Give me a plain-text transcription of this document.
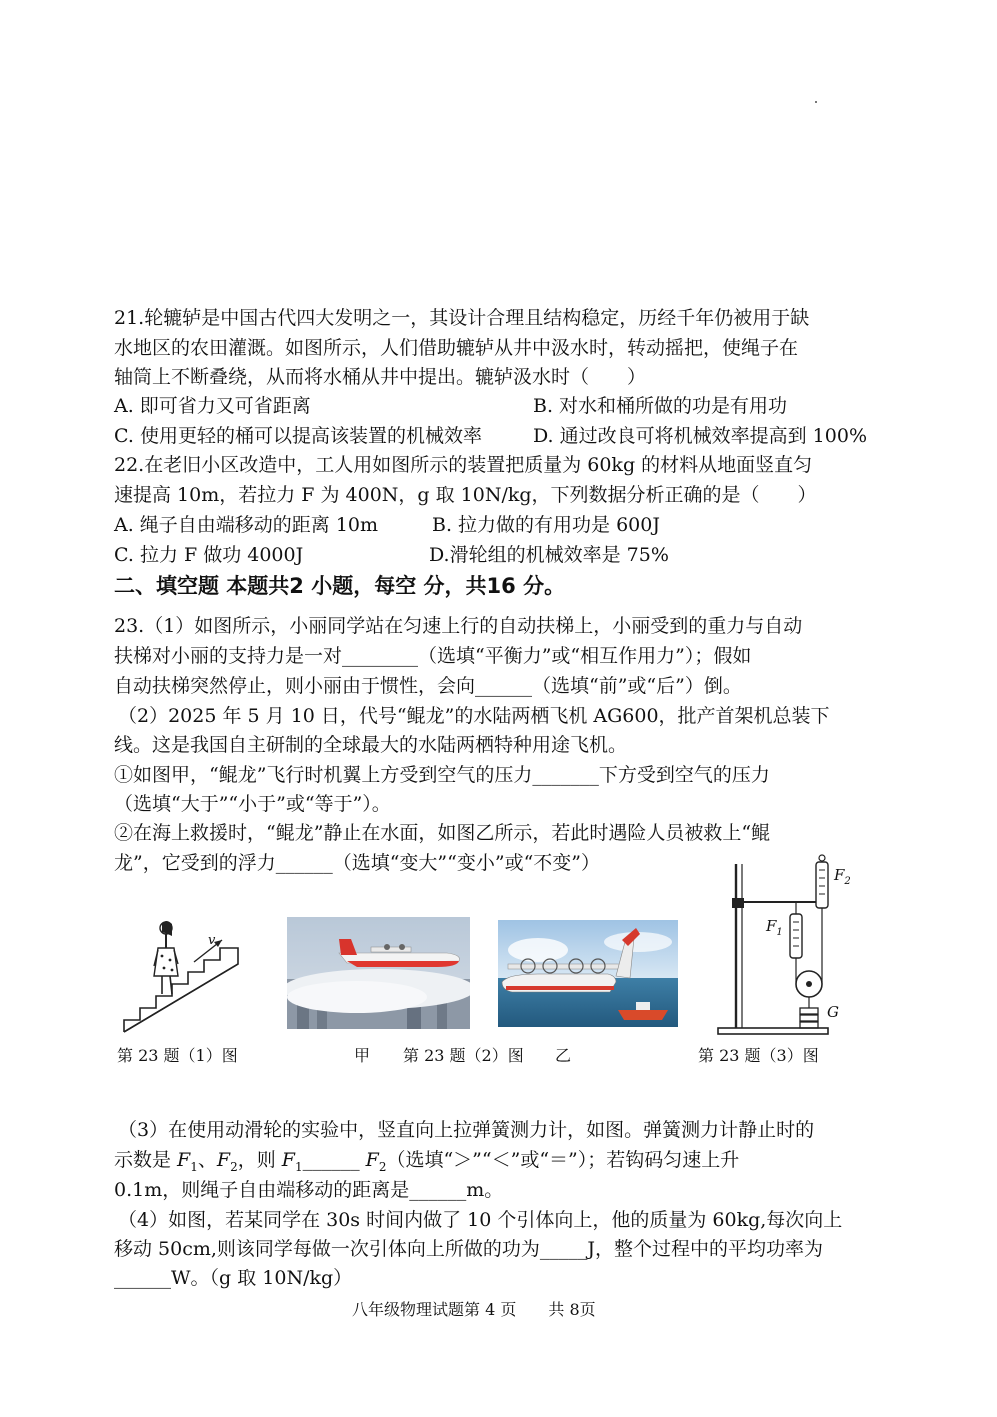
21.轮辘轳是中国古代四大发明之一，其设计合理且结构稳定，历经千年仍被用于缺
水地区的农田灌溉。如图所示，人们借助辘轳从井中汲水时，转动摇把，使绳子在
轴筒上不断叠绕，从而将水桶从井中提出。辘轳汲水时（　　）
A. 即可省力又可省距离	B. 对水和桶所做的功是有用功
C. 使用更轻的桶可以提高该装置的机械效率	D. 通过改良可将机械效率提高到 100%
22.在老旧小区改造中，工人用如图所示的装置把质量为 60kg 的材料从地面竖直匀
速提高 10m，若拉力 F 为 400N，g 取 10N/kg，下列数据分析正确的是（　　）
A. 绳子自由端移动的距离 10m	B. 拉力做的有用功是 600J
C. 拉力 F 做功 4000J	D.滑轮组的机械效率是 75%
二、填空题 本题共2 小题，每空 分，共16 分。
23.（1）如图所示，小丽同学站在匀速上行的自动扶梯上，小丽受到的重力与自动
扶梯对小丽的支持力是一对________（选填“平衡力”或“相互作用力”）；假如
自动扶梯突然停止，则小丽由于惯性，会向______（选填“前”或“后”）倒。
（2）2025 年 5 月 10 日，代号“鲲龙”的水陆两栖飞机 AG600，批产首架机总装下
线。这是我国自主研制的全球最大的水陆两栖特种用途飞机。
①如图甲，“鲲龙”飞行时机翼上方受到空气的压力_______下方受到空气的压力
（选填“大于”“小于”或“等于”）。
②在海上救援时，“鲲龙”静止在水面，如图乙所示，若此时遇险人员被救上“鲲
龙”，它受到的浮力______（选填“变大”“变小”或“不变”）
v
第 23 题（1）图	甲 第 23 题（2）图 乙
$F_1$
$F_2$
G
第 23 题（3）图
（3）在使用动滑轮的实验中，竖直向上拉弹簧测力计，如图。弹簧测力计静止时的
示数是 $F_1$、$F_2$，则 $F_1\_\_\_\_\_\_$ $F_2$（选填“＞”“＜”或“＝”）；若钩码匀速上升
0.1m，则绳子自由端移动的距离是______m。
（4）如图，若某同学在 30s 时间内做了 10 个引体向上，他的质量为 60kg,每次向上
移动 50cm,则该同学每做一次引体向上所做的功为_____J，整个过程中的平均功率为
______W。（g 取 10N/kg）
八年级物理试题第 4 页　　共 8页
